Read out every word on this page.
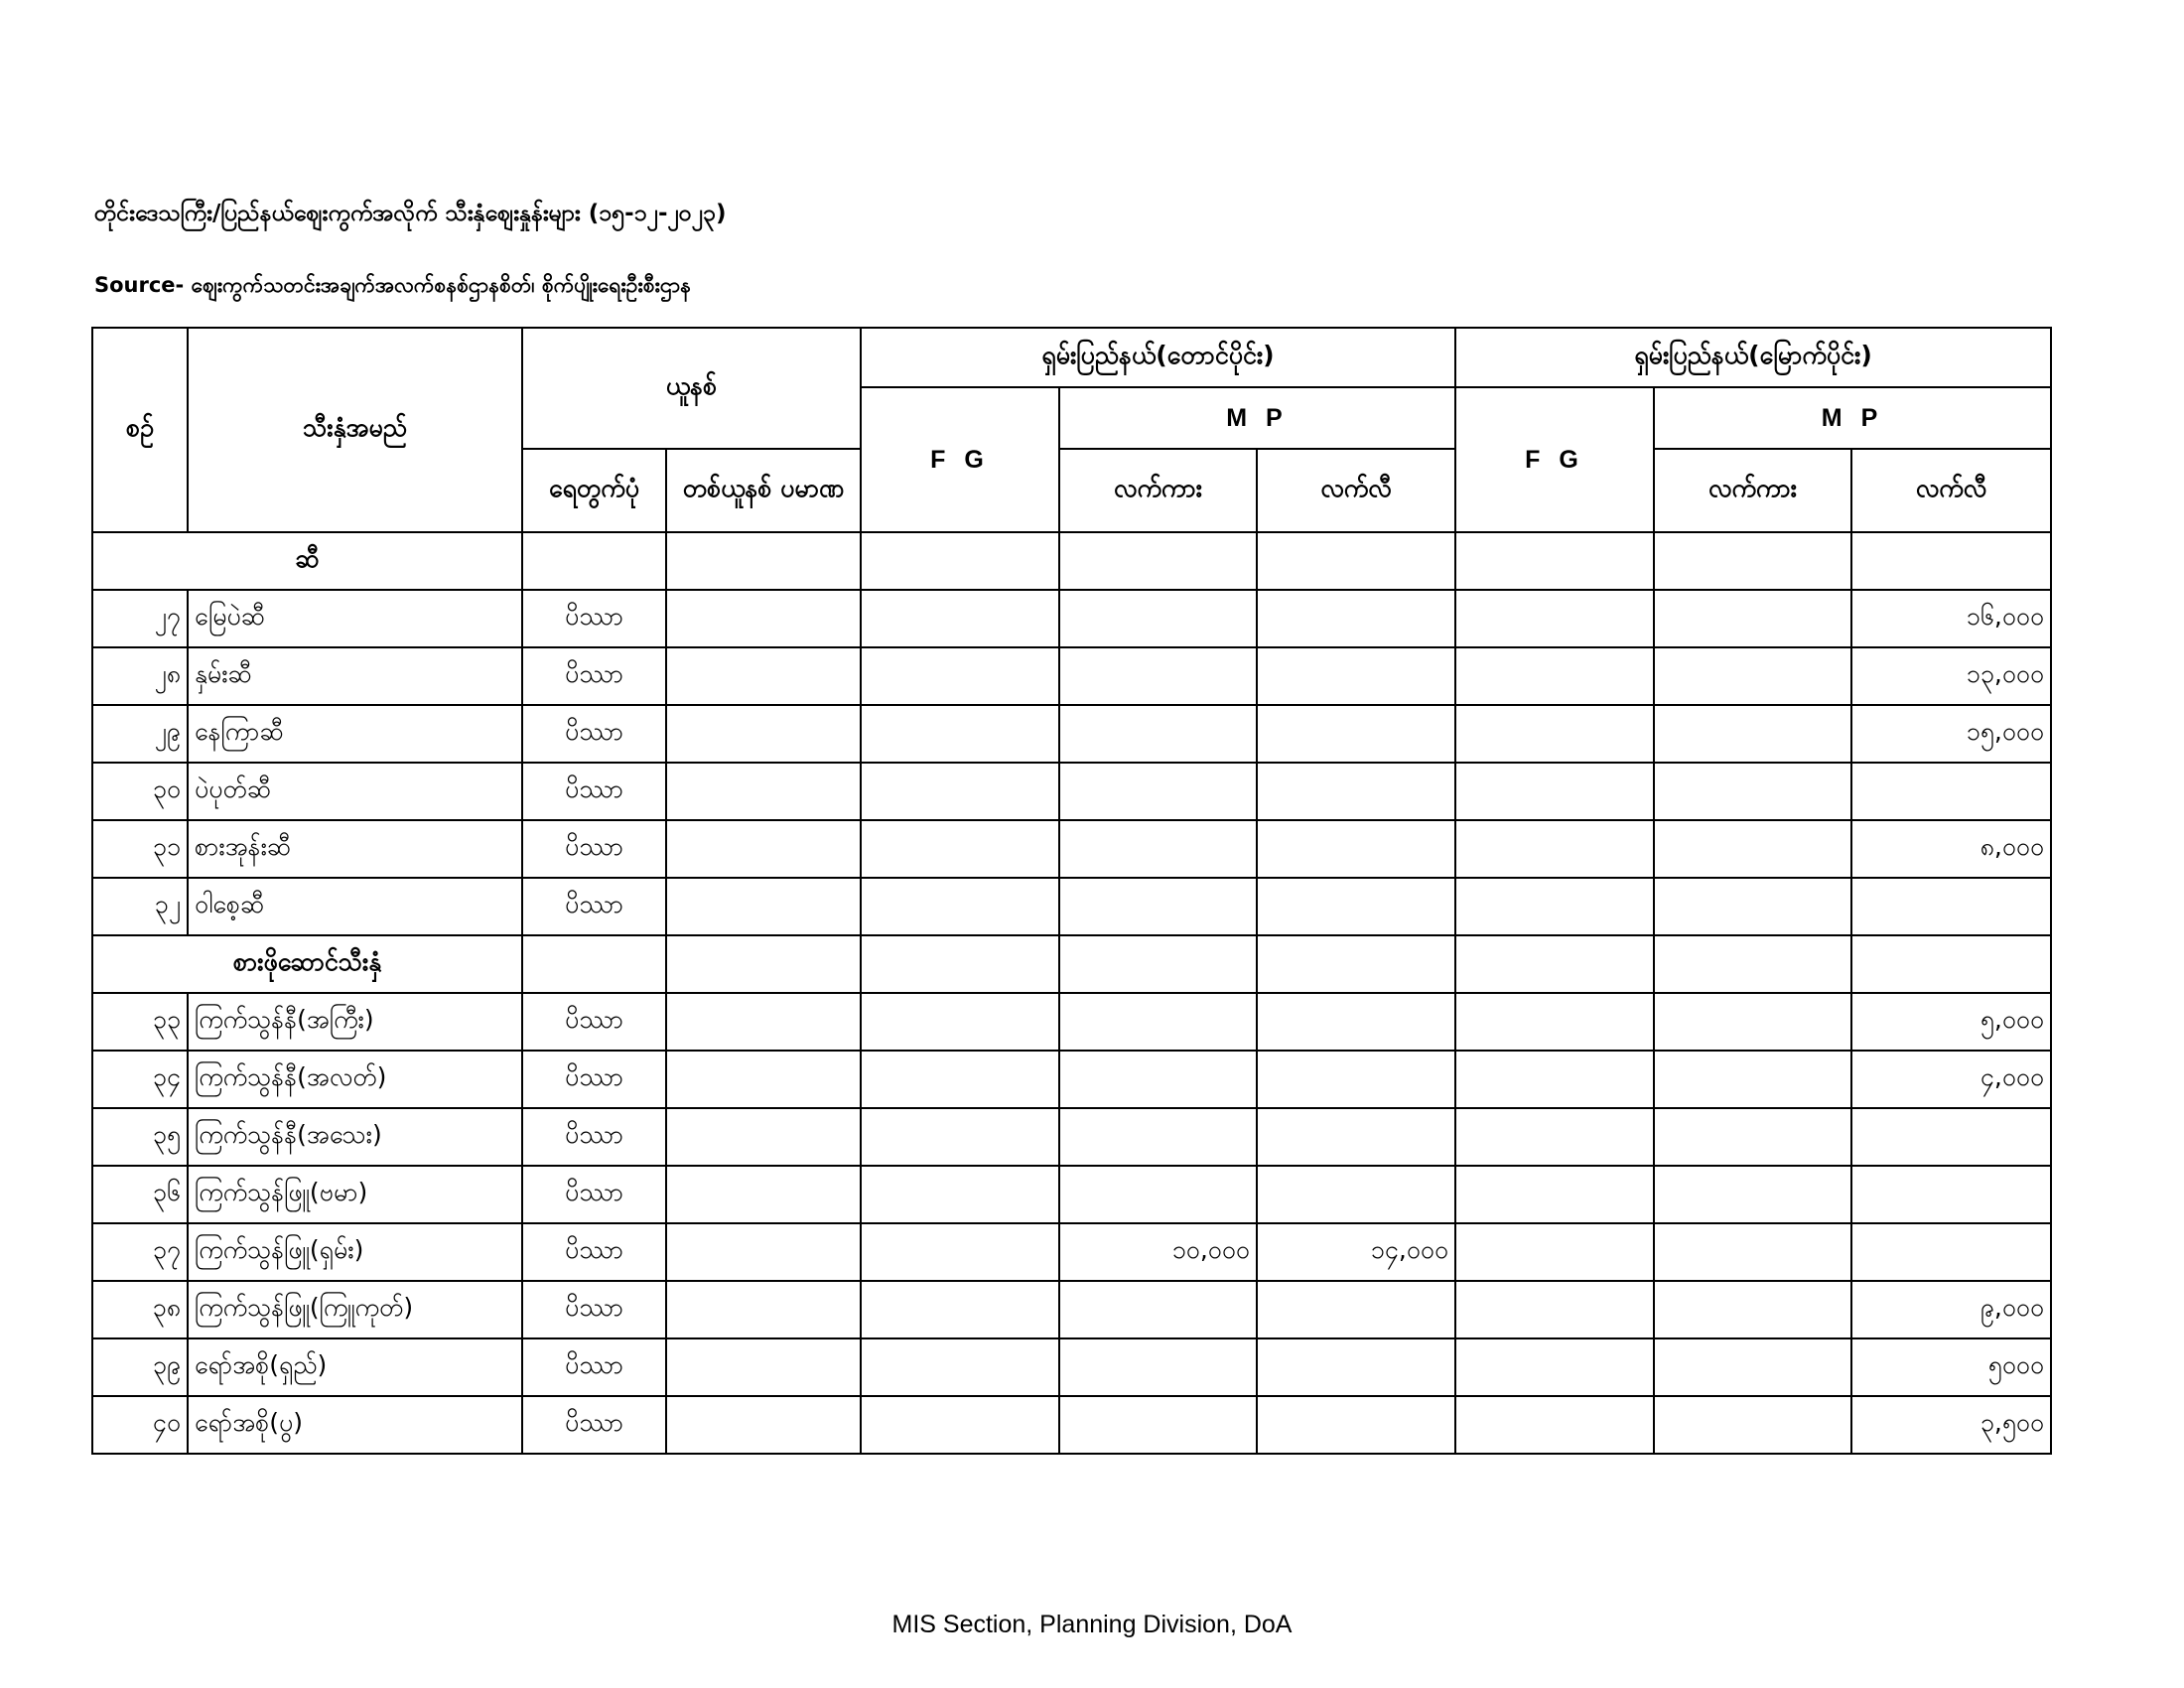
တိုင်းဒေသကြီး/ပြည်နယ်ဈေးကွက်အလိုက် သီးနှံဈေးနှုန်းများ (၁၅-၁၂-၂၀၂၃)
Source- ဈေးကွက်သတင်းအချက်အလက်စနစ်ဌာနစိတ်၊ စိုက်ပျိုးရေးဦးစီးဌာန
စဉ်	သီးနှံအမည်	ယူနစ်		ရှမ်းပြည်နယ်(တောင်ပိုင်း)			ရှမ်းပြည်နယ်(မြောက်ပိုင်း)		
				F G	M P		F G	M P	
		ရေတွက်ပုံ	တစ်ယူနစ် ပမာဏ		လက်ကား	လက်လီ		လက်ကား	လက်လီ
ဆီ									
၂၇	မြေပဲဆီ	ပိဿာ							၁၆,၀၀၀
၂၈	နှမ်းဆီ	ပိဿာ							၁၃,၀၀၀
၂၉	နေကြာဆီ	ပိဿာ							၁၅,၀၀၀
၃၀	ပဲပုတ်ဆီ	ပိဿာ							
၃၁	စားအုန်းဆီ	ပိဿာ							၈,၀၀၀
၃၂	ဝါစေ့ဆီ	ပိဿာ							
စားဖိုဆောင်သီးနှံ									
၃၃	ကြက်သွန်နီ(အကြီး)	ပိဿာ							၅,၀၀၀
၃၄	ကြက်သွန်နီ(အလတ်)	ပိဿာ							၄,၀၀၀
၃၅	ကြက်သွန်နီ(အသေး)	ပိဿာ							
၃၆	ကြက်သွန်ဖြူ(ဗမာ)	ပိဿာ							
၃၇	ကြက်သွန်ဖြူ(ရှမ်း)	ပိဿာ			၁၀,၀၀၀	၁၄,၀၀၀			
၃၈	ကြက်သွန်ဖြူ(ကြူကုတ်)	ပိဿာ							၉,၀၀၀
၃၉	ရော်အစို(ရှည်)	ပိဿာ							၅၀၀၀
၄၀	ရော်အစို(ပွ)	ပိဿာ							၃,၅၀၀
MIS Section, Planning Division, DoA
